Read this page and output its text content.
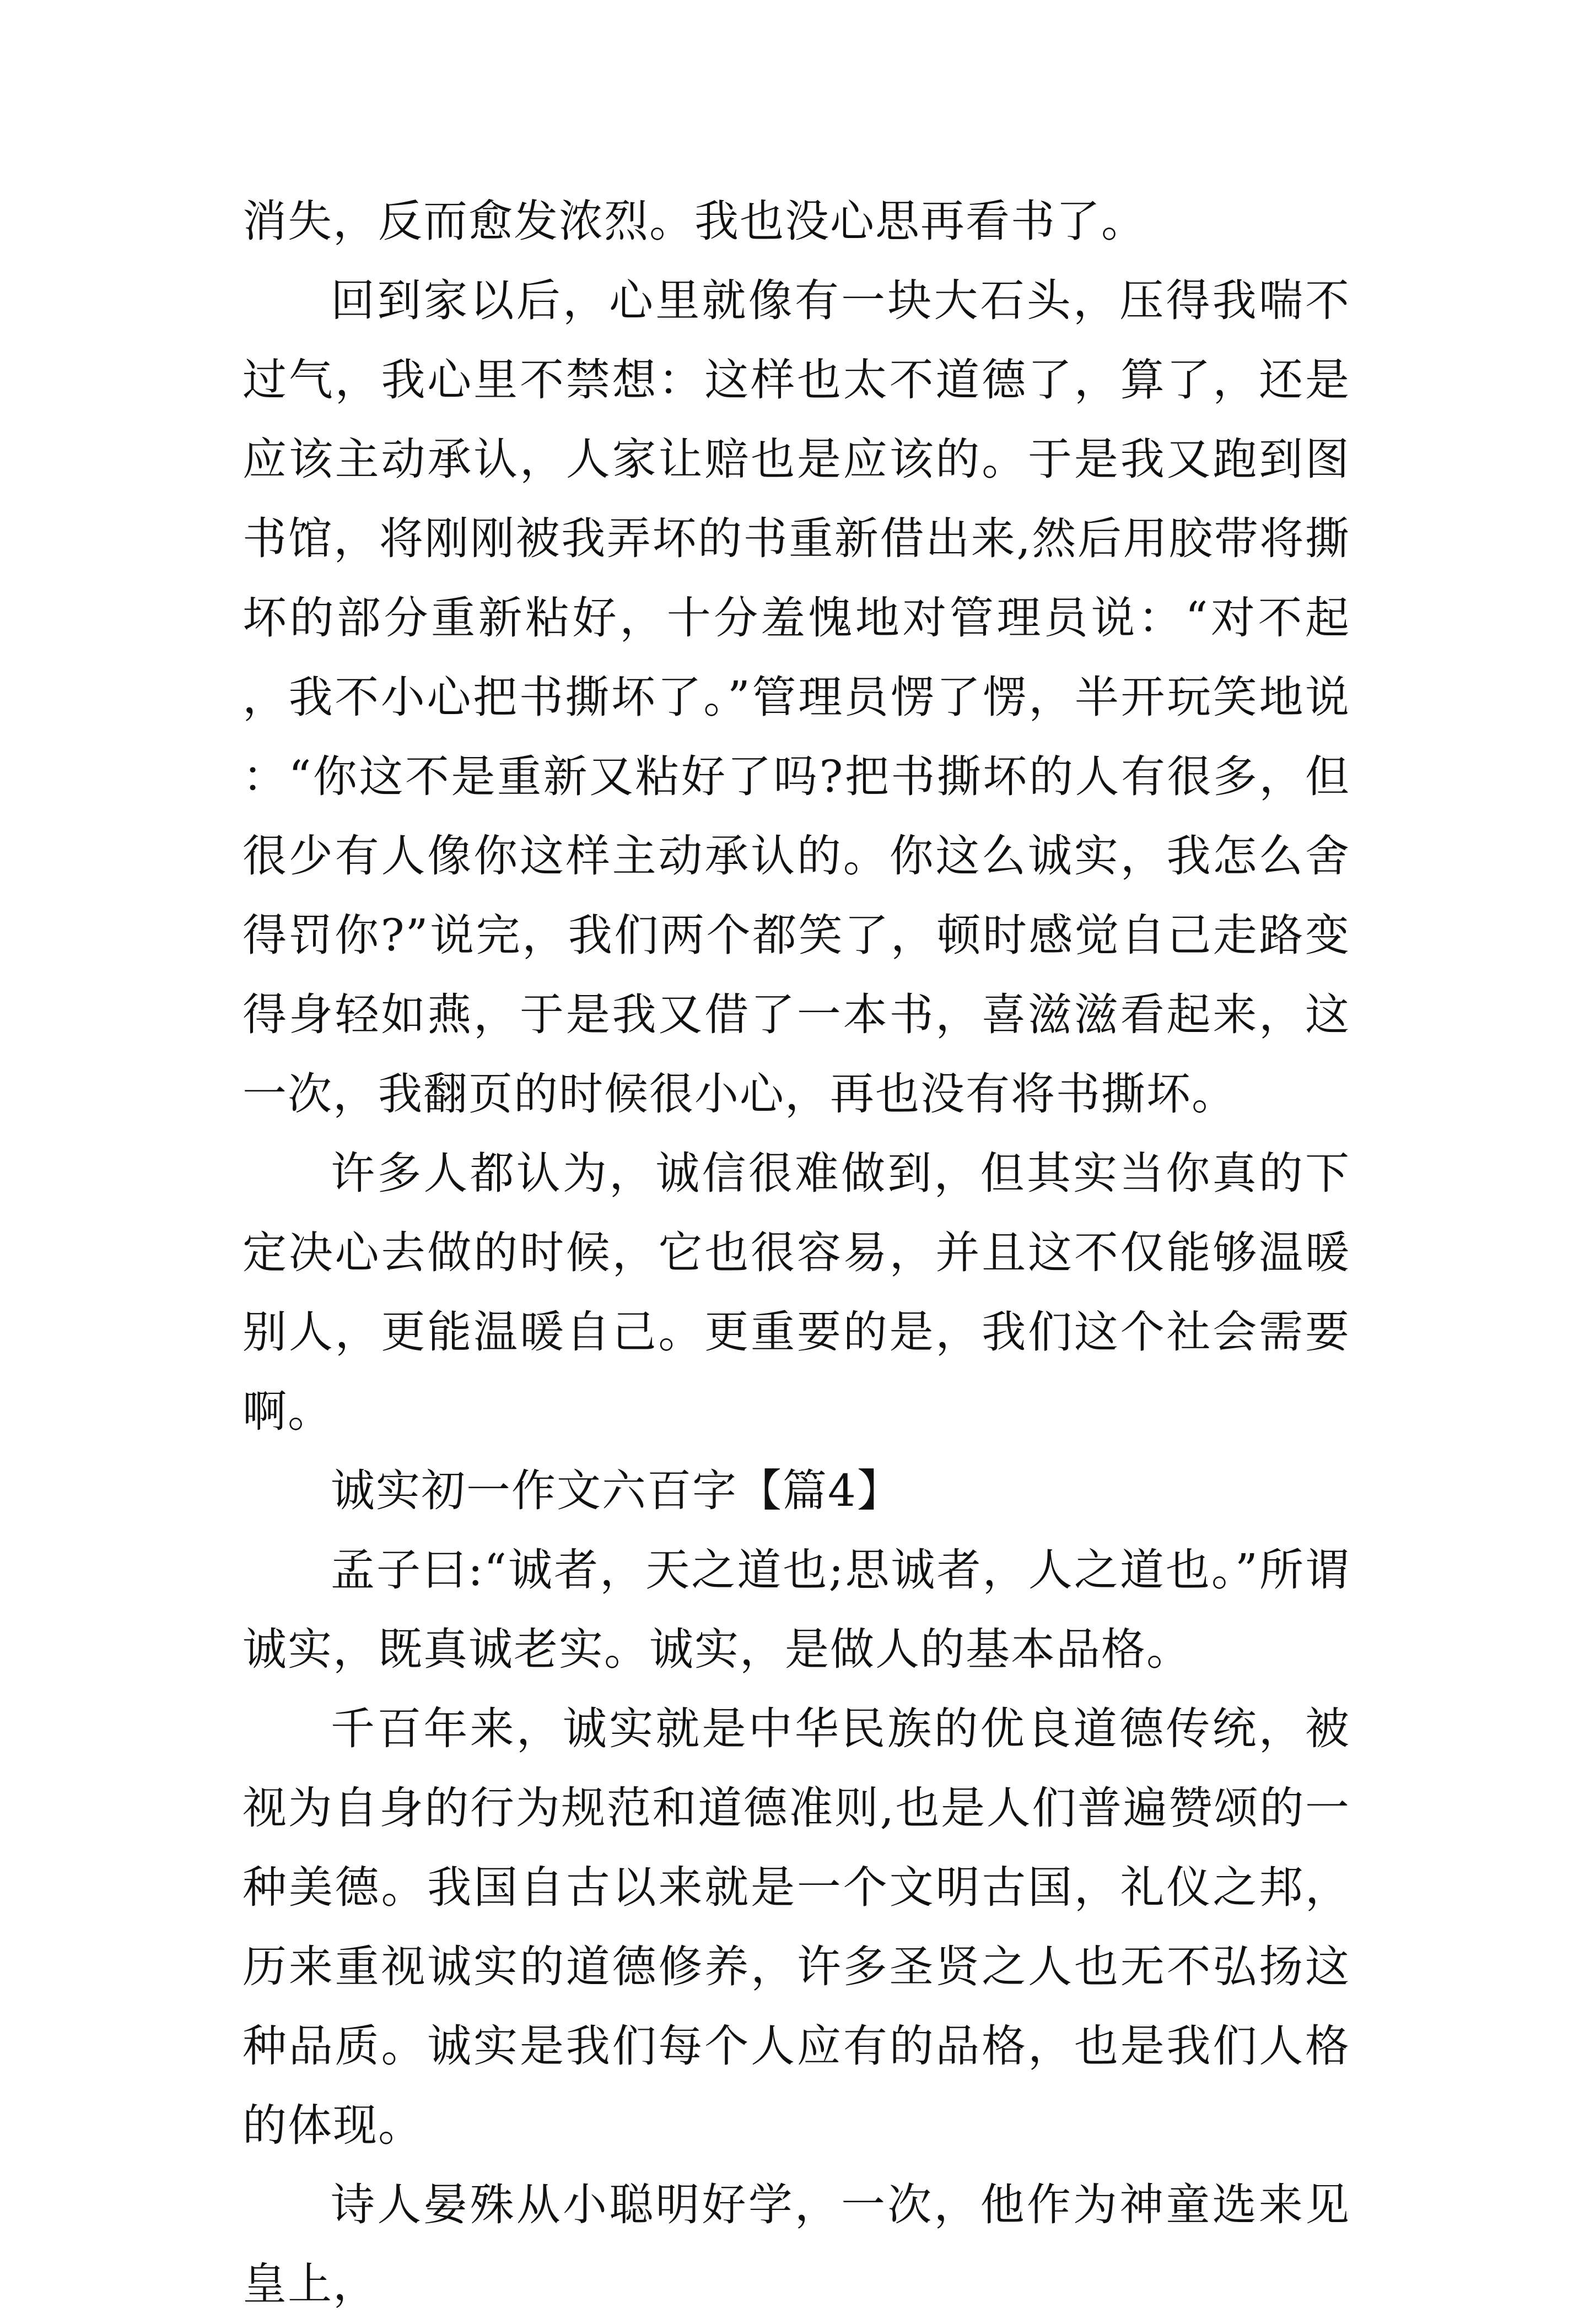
消失，反而愈发浓烈。我也没心思再看书了。

回到家以后，心里就像有一块大石头，压得我喘不过气，我心里不禁想：这样也太不道德了，算了，还是应该主动承认，人家让赔也是应该的。于是我又跑到图书馆，将刚刚被我弄坏的书重新借出来,然后用胶带将撕坏的部分重新粘好，十分羞愧地对管理员说：“对不起，我不小心把书撕坏了。”管理员愣了愣，半开玩笑地说：“你这不是重新又粘好了吗?把书撕坏的人有很多，但很少有人像你这样主动承认的。你这么诚实，我怎么舍得罚你?”说完，我们两个都笑了，顿时感觉自己走路变得身轻如燕，于是我又借了一本书，喜滋滋看起来，这一次，我翻页的时候很小心，再也没有将书撕坏。

许多人都认为，诚信很难做到，但其实当你真的下定决心去做的时候，它也很容易，并且这不仅能够温暖别人，更能温暖自己。更重要的是，我们这个社会需要啊。

诚实初一作文六百字【篇4】

孟子曰:“诚者，天之道也;思诚者，人之道也。”所谓诚实，既真诚老实。诚实，是做人的基本品格。

千百年来，诚实就是中华民族的优良道德传统，被视为自身的行为规范和道德准则,也是人们普遍赞颂的一种美德。我国自古以来就是一个文明古国，礼仪之邦，历来重视诚实的道德修养，许多圣贤之人也无不弘扬这种品质。诚实是我们每个人应有的品格，也是我们人格的体现。

诗人晏殊从小聪明好学，一次，他作为神童选来见皇上，
